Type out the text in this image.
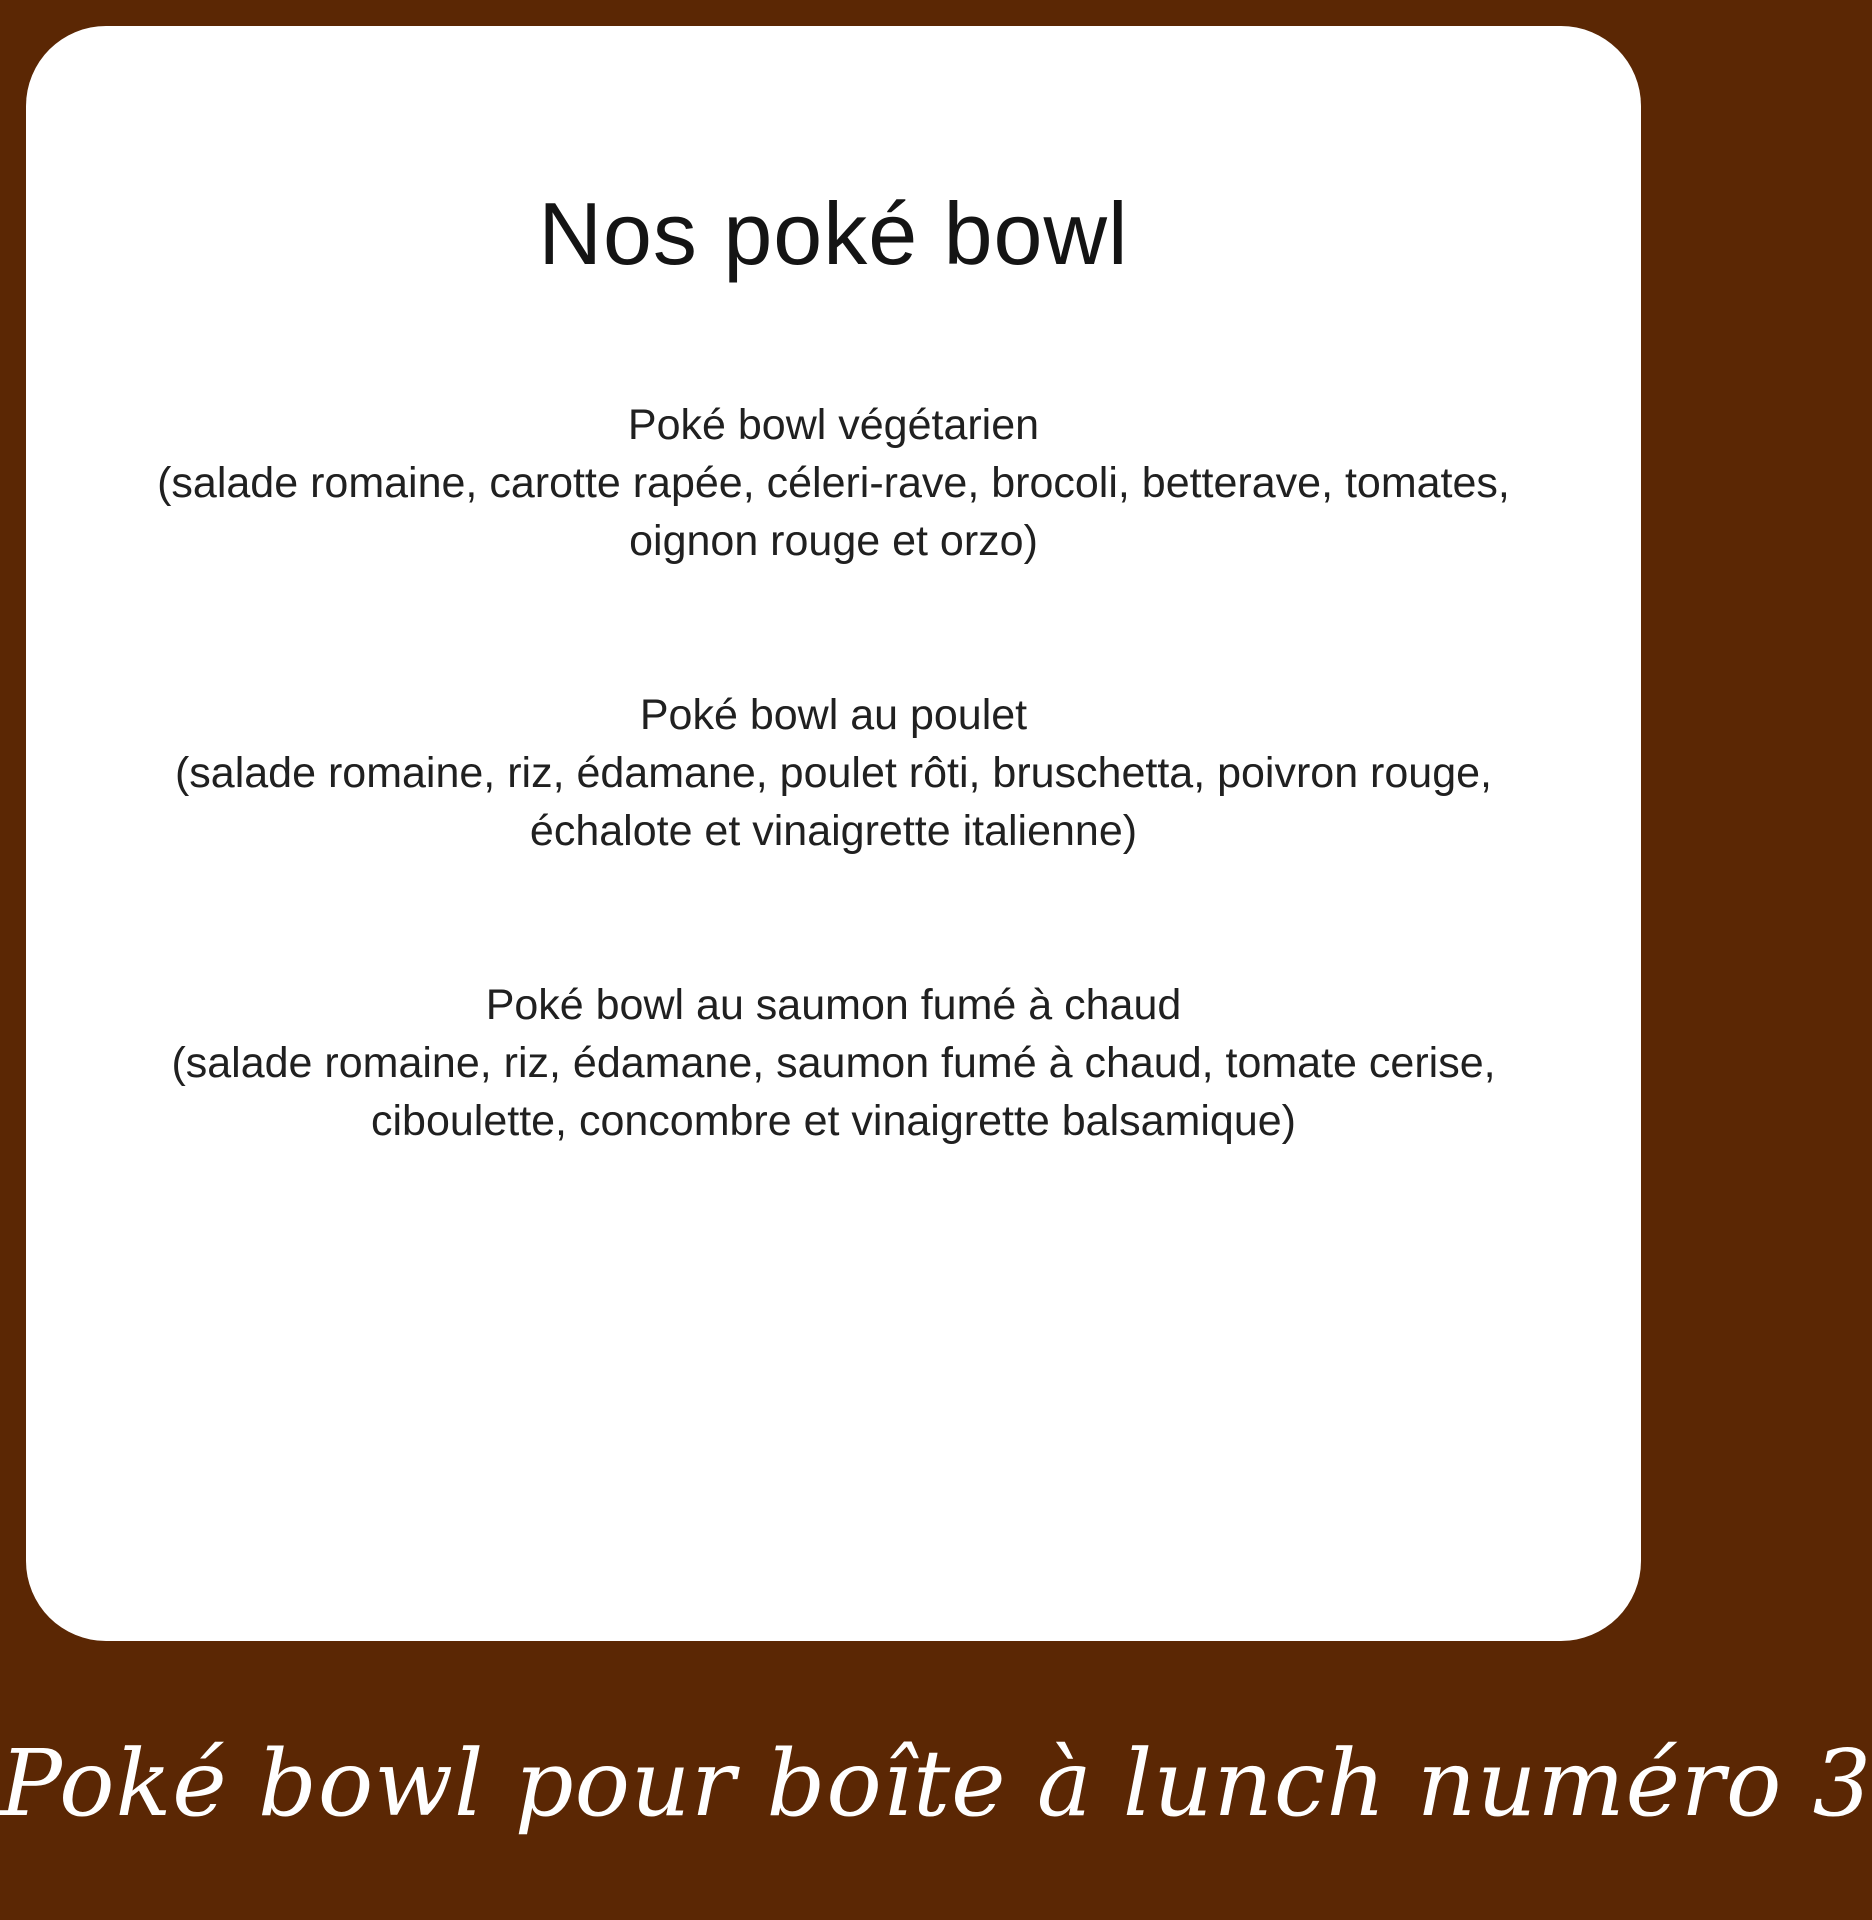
Nos poké bowl
Poké bowl végétarien
(salade romaine, carotte rapée, céleri-rave, brocoli, betterave, tomates, oignon rouge et orzo)
Poké bowl au poulet
(salade romaine, riz, édamane, poulet rôti, bruschetta, poivron rouge, échalote et vinaigrette italienne)
Poké bowl au saumon fumé à chaud
(salade romaine, riz, édamane, saumon fumé à chaud, tomate cerise, ciboulette, concombre et vinaigrette balsamique)
Poké bowl pour boîte à lunch numéro 3
